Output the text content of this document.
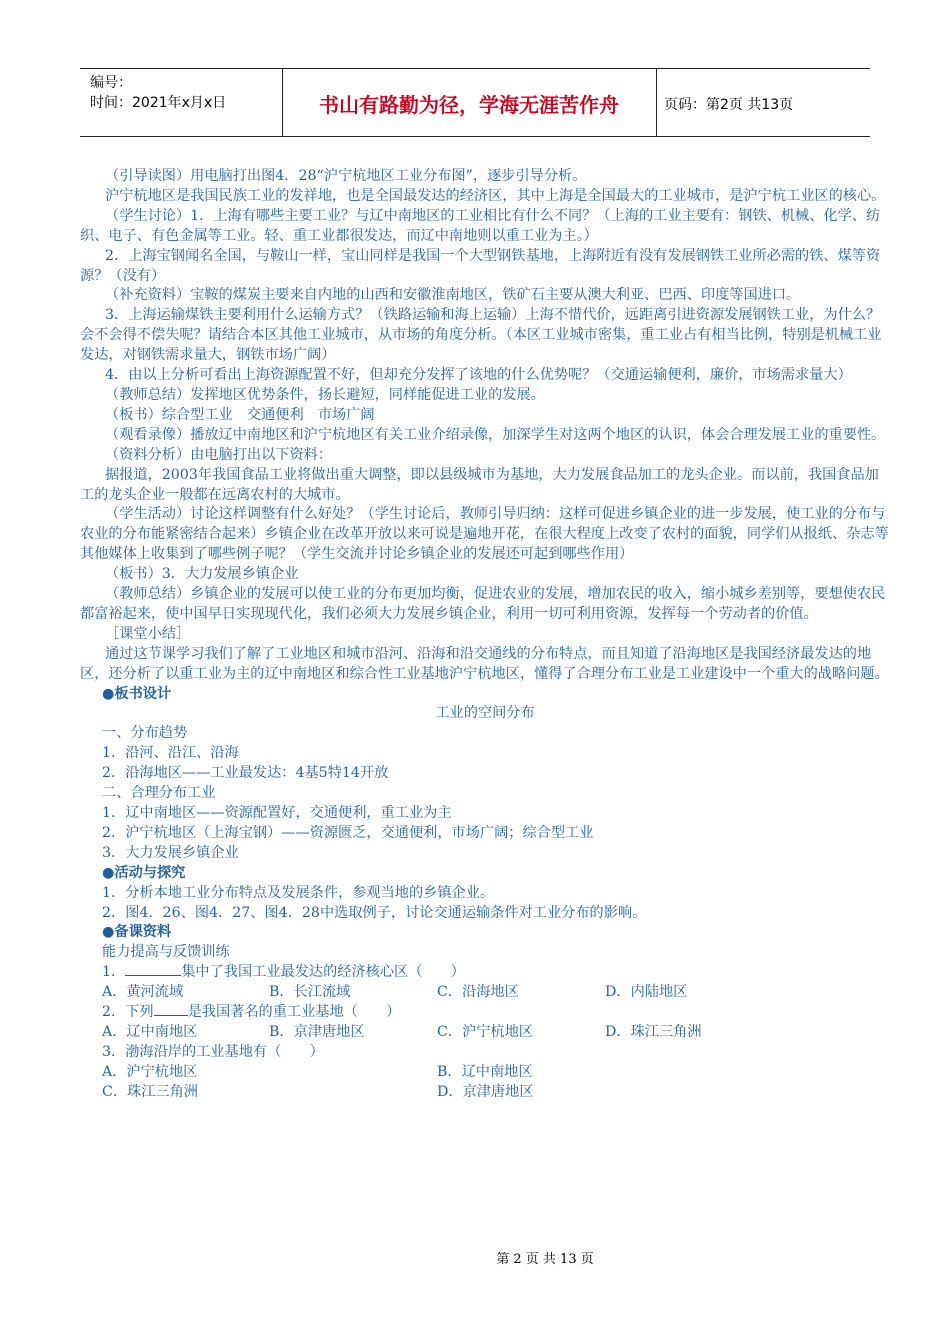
编号：
时间：2021年x月x日	书山有路勤为径，学海无涯苦作舟	页码：第2页 共13页

（引导读图）用电脑打出图4．28“沪宁杭地区工业分布图”，逐步引导分析。

沪宁杭地区是我国民族工业的发祥地，也是全国最发达的经济区，其中上海是全国最大的工业城市，是沪宁杭工业区的核心。

（学生讨论）1．上海有哪些主要工业？与辽中南地区的工业相比有什么不同？（上海的工业主要有：钢铁、机械、化学、纺织、电子、有色金属等工业。轻、重工业都很发达，而辽中南地则以重工业为主。）

2．上海宝钢闻名全国，与鞍山一样，宝山同样是我国一个大型钢铁基地，上海附近有没有发展钢铁工业所必需的铁、煤等资源？（没有）

（补充资料）宝鞍的煤炭主要来自内地的山西和安徽淮南地区，铁矿石主要从澳大利亚、巴西、印度等国进口。

3．上海运输煤铁主要利用什么运输方式？（铁路运输和海上运输）上海不惜代价，远距离引进资源发展钢铁工业，为什么？会不会得不偿失呢？请结合本区其他工业城市，从市场的角度分析。（本区工业城市密集，重工业占有相当比例，特别是机械工业发达，对钢铁需求量大，钢铁市场广阔）

4．由以上分析可看出上海资源配置不好，但却充分发挥了该地的什么优势呢？（交通运输便利，廉价，市场需求量大）

（教师总结）发挥地区优势条件，扬长避短，同样能促进工业的发展。

（板书）综合型工业　交通便利　市场广阔

（观看录像）播放辽中南地区和沪宁杭地区有关工业介绍录像，加深学生对这两个地区的认识，体会合理发展工业的重要性。

（资料分析）由电脑打出以下资料：

据报道，2003年我国食品工业将做出重大调整，即以县级城市为基地，大力发展食品加工的龙头企业。而以前，我国食品加工的龙头企业一般都在远离农村的大城市。

（学生活动）讨论这样调整有什么好处？（学生讨论后，教师引导归纳：这样可促进乡镇企业的进一步发展，使工业的分布与农业的分布能紧密结合起来）乡镇企业在改革开放以来可说是遍地开花，在很大程度上改变了农村的面貌，同学们从报纸、杂志等其他媒体上收集到了哪些例子呢？（学生交流并讨论乡镇企业的发展还可起到哪些作用）

（板书）3．大力发展乡镇企业

（教师总结）乡镇企业的发展可以使工业的分布更加均衡，促进农业的发展，增加农民的收入，缩小城乡差别等，要想使农民都富裕起来，使中国早日实现现代化，我们必须大力发展乡镇企业，利用一切可利用资源，发挥每一个劳动者的价值。

［课堂小结］

通过这节课学习我们了解了工业地区和城市沿河、沿海和沿交通线的分布特点，而且知道了沿海地区是我国经济最发达的地区，还分析了以重工业为主的辽中南地区和综合性工业基地沪宁杭地区，懂得了合理分布工业是工业建设中一个重大的战略问题。

●板书设计

工业的空间分布

一、分布趋势

1．沿河、沿江、沿海

2．沿海地区——工业最发达：4基5特14开放

二、合理分布工业

1．辽中南地区——资源配置好，交通便利，重工业为主

2．沪宁杭地区（上海宝钢）——资源匮乏，交通便利，市场广阔；综合型工业

3．大力发展乡镇企业

●活动与探究

1．分析本地工业分布特点及发展条件，参观当地的乡镇企业。

2．图4．26、图4．27、图4．28中选取例子，讨论交通运输条件对工业分布的影响。

●备课资料

能力提高与反馈训练

1．	集中了我国工业最发达的经济核心区（　　）

A．黄河流域	B．长江流域	C．沿海地区	D．内陆地区

2．下列 是我国著名的重工业基地（　　）

A．辽中南地区	B．京津唐地区	C．沪宁杭地区	D．珠江三角洲

3．渤海沿岸的工业基地有（　　）

A．沪宁杭地区	B．辽中南地区
C．珠江三角洲	D．京津唐地区
第 2 页 共 13 页
